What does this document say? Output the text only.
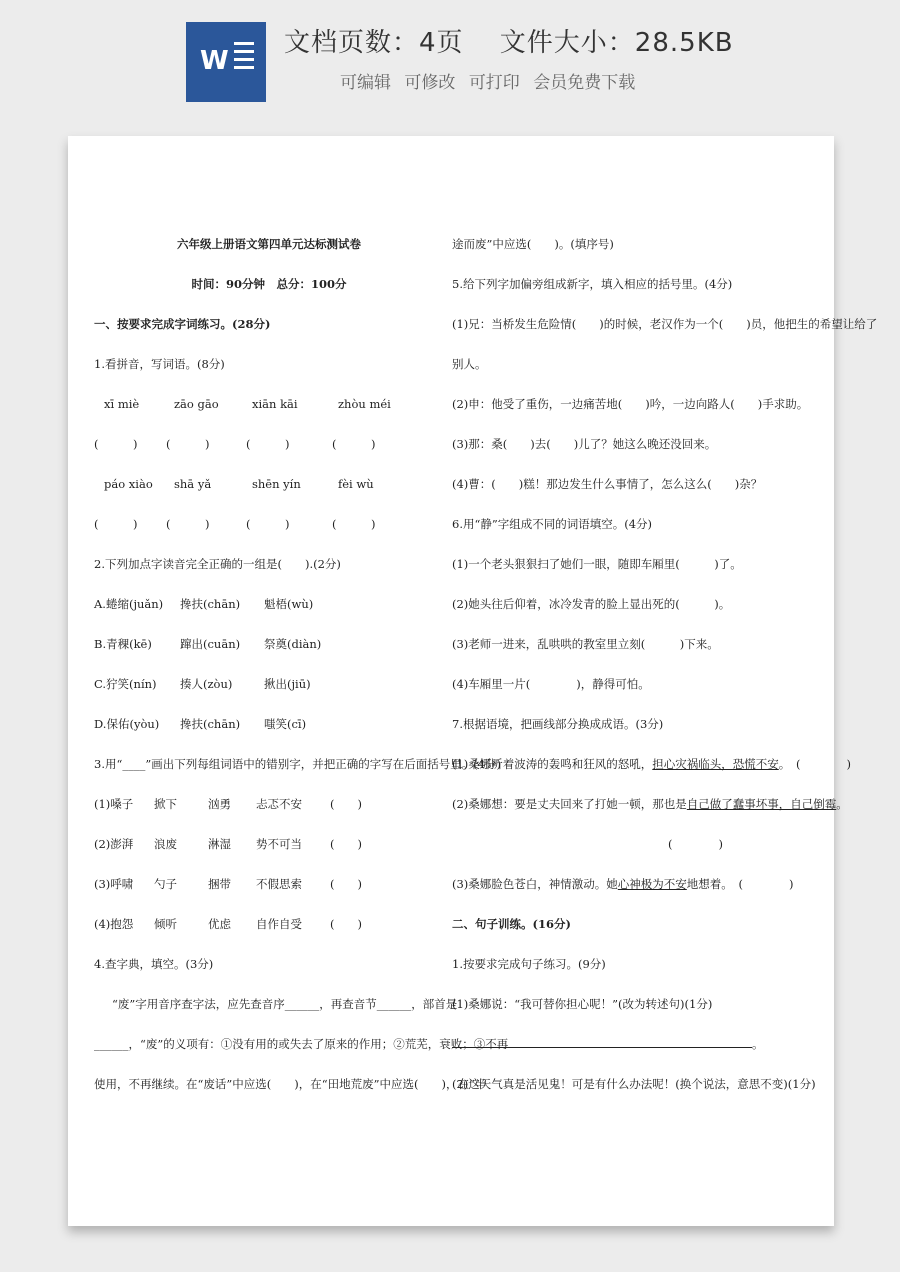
W
文档页数：4页　 文件大小：28.5KB
可编辑 可修改 可打印 会员免费下载
六年级上册语文第四单元达标测试卷
时间：90分钟　总分：100分
一、按要求完成字词练习。(28分)
1.看拼音，写词语。(8分)
xī miè	zāo gāo	xiān kāi	zhòu méi
(　　　) (　　　)	(　　　)	(　　　)
páo xiào shā yǎ	shēn yín	fèi wù
(　　　) (　　　)	(　　　)	(　　　)
2.下列加点字读音完全正确的一组是(　　).(2分)
A.蜷缩(juǎn) 搀扶(chān) 魁梧(wù)
B.青稞(kē) 蹿出(cuān) 祭奠(diàn)
C.狞笑(nín) 揍人(zòu)	揪出(jiū)
D.保佑(yòu) 搀扶(chān) 嗤笑(cī)
3.用“____”画出下列每组词语中的错别字，并把正确的字写在后面括号里。(4分)
(1)嗓子 掀下	汹勇 忐忑不安 (　　)
(2)澎湃 浪废	淋湿 势不可当 (　　)
(3)呼啸 勺子	捆带 不假思索 (　　)
(4)抱怨 倾听	优虑 自作自受 (　　)
4.查字典，填空。(3分)
“废”字用音序查字法，应先查音序______，再查音节______，部首是
______，“废”的义项有：①没有用的或失去了原来的作用；②荒芜，衰败；③不再
使用，不再继续。在“废话”中应选(　　)，在“田地荒废”中应选(　　)，在“半
途而废”中应选(　　)。(填序号)
5.给下列字加偏旁组成新字，填入相应的括号里。(4分)
(1)兄：当桥发生危险情(　　)的时候，老汉作为一个(　　)员，他把生的希望让给了
别人。
(2)申：他受了重伤，一边痛苦地(　　)吟，一边向路人(　　)手求助。
(3)那：桑(　　)去(　　)儿了？她这么晚还没回来。
(4)曹：(　　)糕！那边发生什么事情了，怎么这么(　　)杂？
6.用“静”字组成不同的词语填空。(4分)
(1)一个老头狠狠扫了她们一眼，随即车厢里(　　　)了。
(2)她头往后仰着，冰冷发青的脸上显出死的(　　　)。
(3)老师一进来，乱哄哄的教室里立刻(　　　)下来。
(4)车厢里一片(　　　　)，静得可怕。
7.根据语境，把画线部分换成成语。(3分)
(1)桑娜听着波涛的轰鸣和狂风的怒吼，担心灾祸临头，恐慌不安。　(　　　　)
(2)桑娜想：要是丈夫回来了打她一顿，那也是自己做了蠢事坏事，自己倒霉。
(　　　　)
(3)桑娜脸色苍白，神情激动。她心神极为不安地想着。　(　　　　)
二、句子训练。(16分)
1.按要求完成句子练习。(9分)
(1)桑娜说：“我可替你担心呢！”(改为转述句)(1分)
。
(2)这天气真是活见鬼！可是有什么办法呢！(换个说法，意思不变)(1分)
